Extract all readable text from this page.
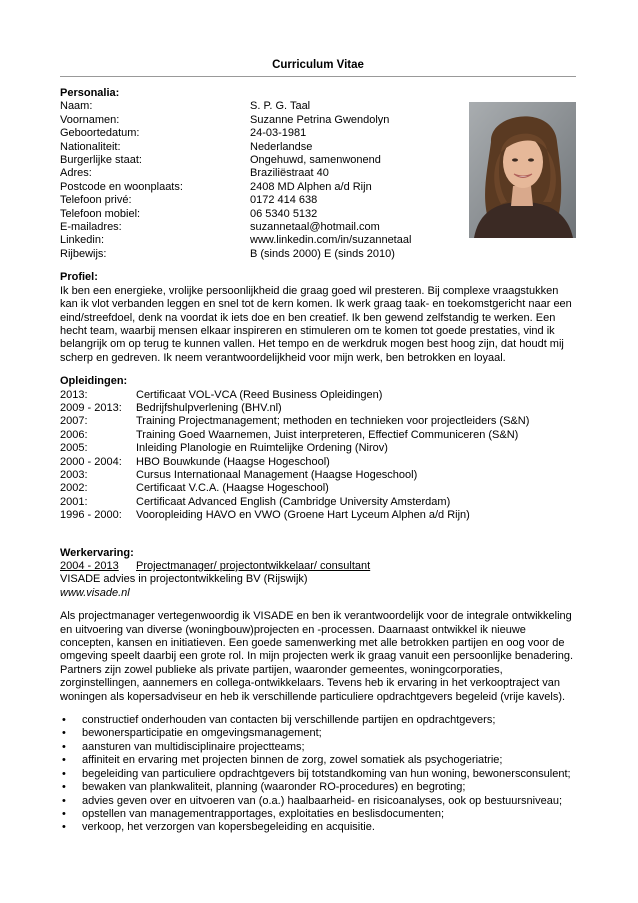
Curriculum Vitae
Personalia:
Naam:	S. P. G. Taal
Voornamen:	Suzanne Petrina Gwendolyn
Geboortedatum:	24-03-1981
Nationaliteit:	Nederlandse
Burgerlijke staat:	Ongehuwd, samenwonend
Adres:	Braziliëstraat 40
Postcode en woonplaats:	2408 MD Alphen a/d Rijn
Telefoon privé:	0172 414 638
Telefoon mobiel:	06 5340 5132
E-mailadres:	suzannetaal@hotmail.com
Linkedin:	www.linkedin.com/in/suzannetaal
Rijbewijs:	B (sinds 2000) E (sinds 2010)
Profiel:

Ik ben een energieke, vrolijke persoonlijkheid die graag goed wil presteren. Bij complexe vraagstukken kan ik vlot verbanden leggen en snel tot de kern komen. Ik werk graag taak- en toekomstgericht naar een eind/streefdoel, denk na voordat ik iets doe en ben creatief. Ik ben gewend zelfstandig te werken. Een hecht team, waarbij mensen elkaar inspireren en stimuleren om te komen tot goede prestaties, vind ik belangrijk om op terug te kunnen vallen. Het tempo en de werkdruk mogen best hoog zijn, dat houdt mij scherp en gedreven. Ik neem verantwoordelijkheid voor mijn werk, ben betrokken en loyaal.

Opleidingen:
2013:	Certificaat VOL-VCA (Reed Business Opleidingen)
2009 - 2013:	Bedrijfshulpverlening (BHV.nl)
2007:	Training Projectmanagement; methoden en technieken voor projectleiders (S&N)
2006:	Training Goed Waarnemen, Juist interpreteren, Effectief Communiceren (S&N)
2005:	Inleiding Planologie en Ruimtelijke Ordening (Nirov)
2000 - 2004:	HBO Bouwkunde (Haagse Hogeschool)
2003:	Cursus Internationaal Management (Haagse Hogeschool)
2002:	Certificaat V.C.A. (Haagse Hogeschool)
2001:	Certificaat Advanced English (Cambridge University Amsterdam)
1996 - 2000:	Vooropleiding HAVO en VWO (Groene Hart Lyceum Alphen a/d Rijn)
Werkervaring:
2004 - 2013	Projectmanager/ projectontwikkelaar/ consultant

VISADE advies in projectontwikkeling BV (Rijswijk)

www.visade.nl

Als projectmanager vertegenwoordig ik VISADE en ben ik verantwoordelijk voor de integrale ontwikkeling en uitvoering van diverse (woningbouw)projecten en -processen. Daarnaast ontwikkel ik nieuwe concepten, kansen en initiatieven. Een goede samenwerking met alle betrokken partijen en oog voor de omgeving speelt daarbij een grote rol. In mijn projecten werk ik graag vanuit een persoonlijke benadering. Partners zijn zowel publieke als private partijen, waaronder gemeentes, woningcorporaties, zorginstellingen, aannemers en collega-ontwikkelaars. Tevens heb ik ervaring in het verkooptraject van woningen als kopersadviseur en heb ik verschillende particuliere opdrachtgevers begeleid (vrije kavels).

• constructief onderhouden van contacten bij verschillende partijen en opdrachtgevers;
• bewonersparticipatie en omgevingsmanagement;
• aansturen van multidisciplinaire projectteams;
• affiniteit en ervaring met projecten binnen de zorg, zowel somatiek als psychogeriatrie;
• begeleiding van particuliere opdrachtgevers bij totstandkoming van hun woning, bewonersconsulent;
• bewaken van plankwaliteit, planning (waaronder RO-procedures) en begroting;
• advies geven over en uitvoeren van (o.a.) haalbaarheid- en risicoanalyses, ook op bestuursniveau;
• opstellen van managementrapportages, exploitaties en beslisdocumenten;
• verkoop, het verzorgen van kopersbegeleiding en acquisitie.
